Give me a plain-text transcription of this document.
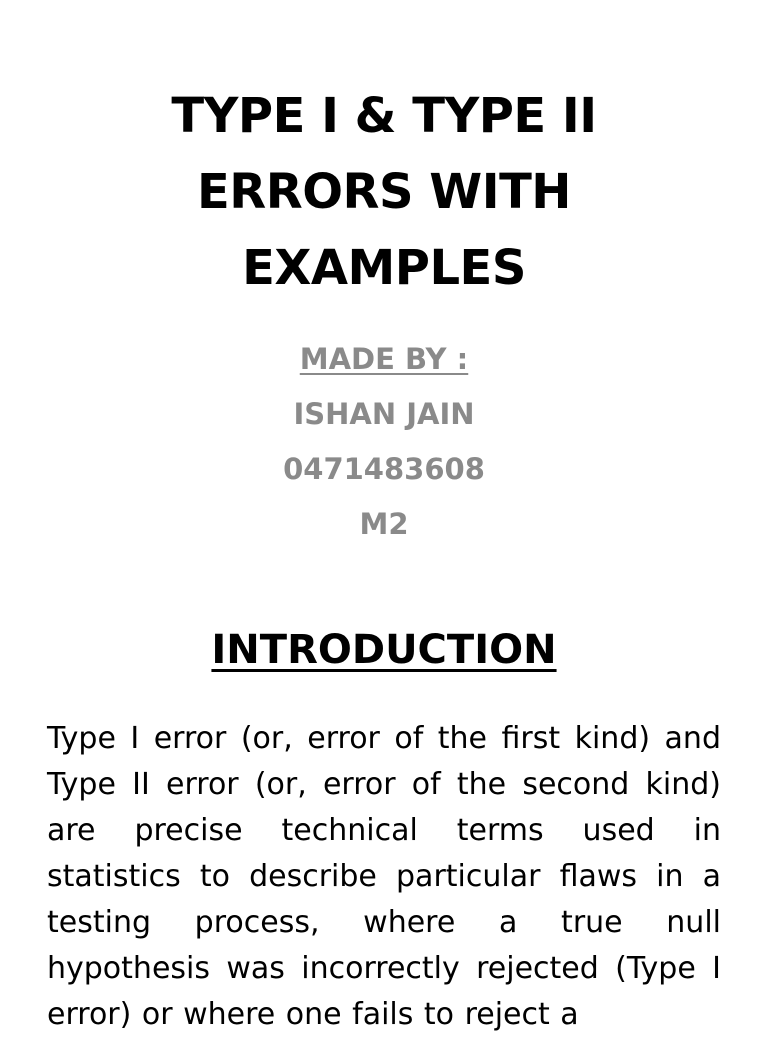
TYPE I & TYPE II
ERRORS WITH
EXAMPLES
MADE BY :
ISHAN JAIN
0471483608
M2
INTRODUCTION
Type I error (or, error of the first kind) and Type II error (or, error of the second kind) are precise technical terms used in statistics to describe particular flaws in a testing process, where a true null hypothesis was incorrectly rejected (Type I error) or where one fails to reject a
